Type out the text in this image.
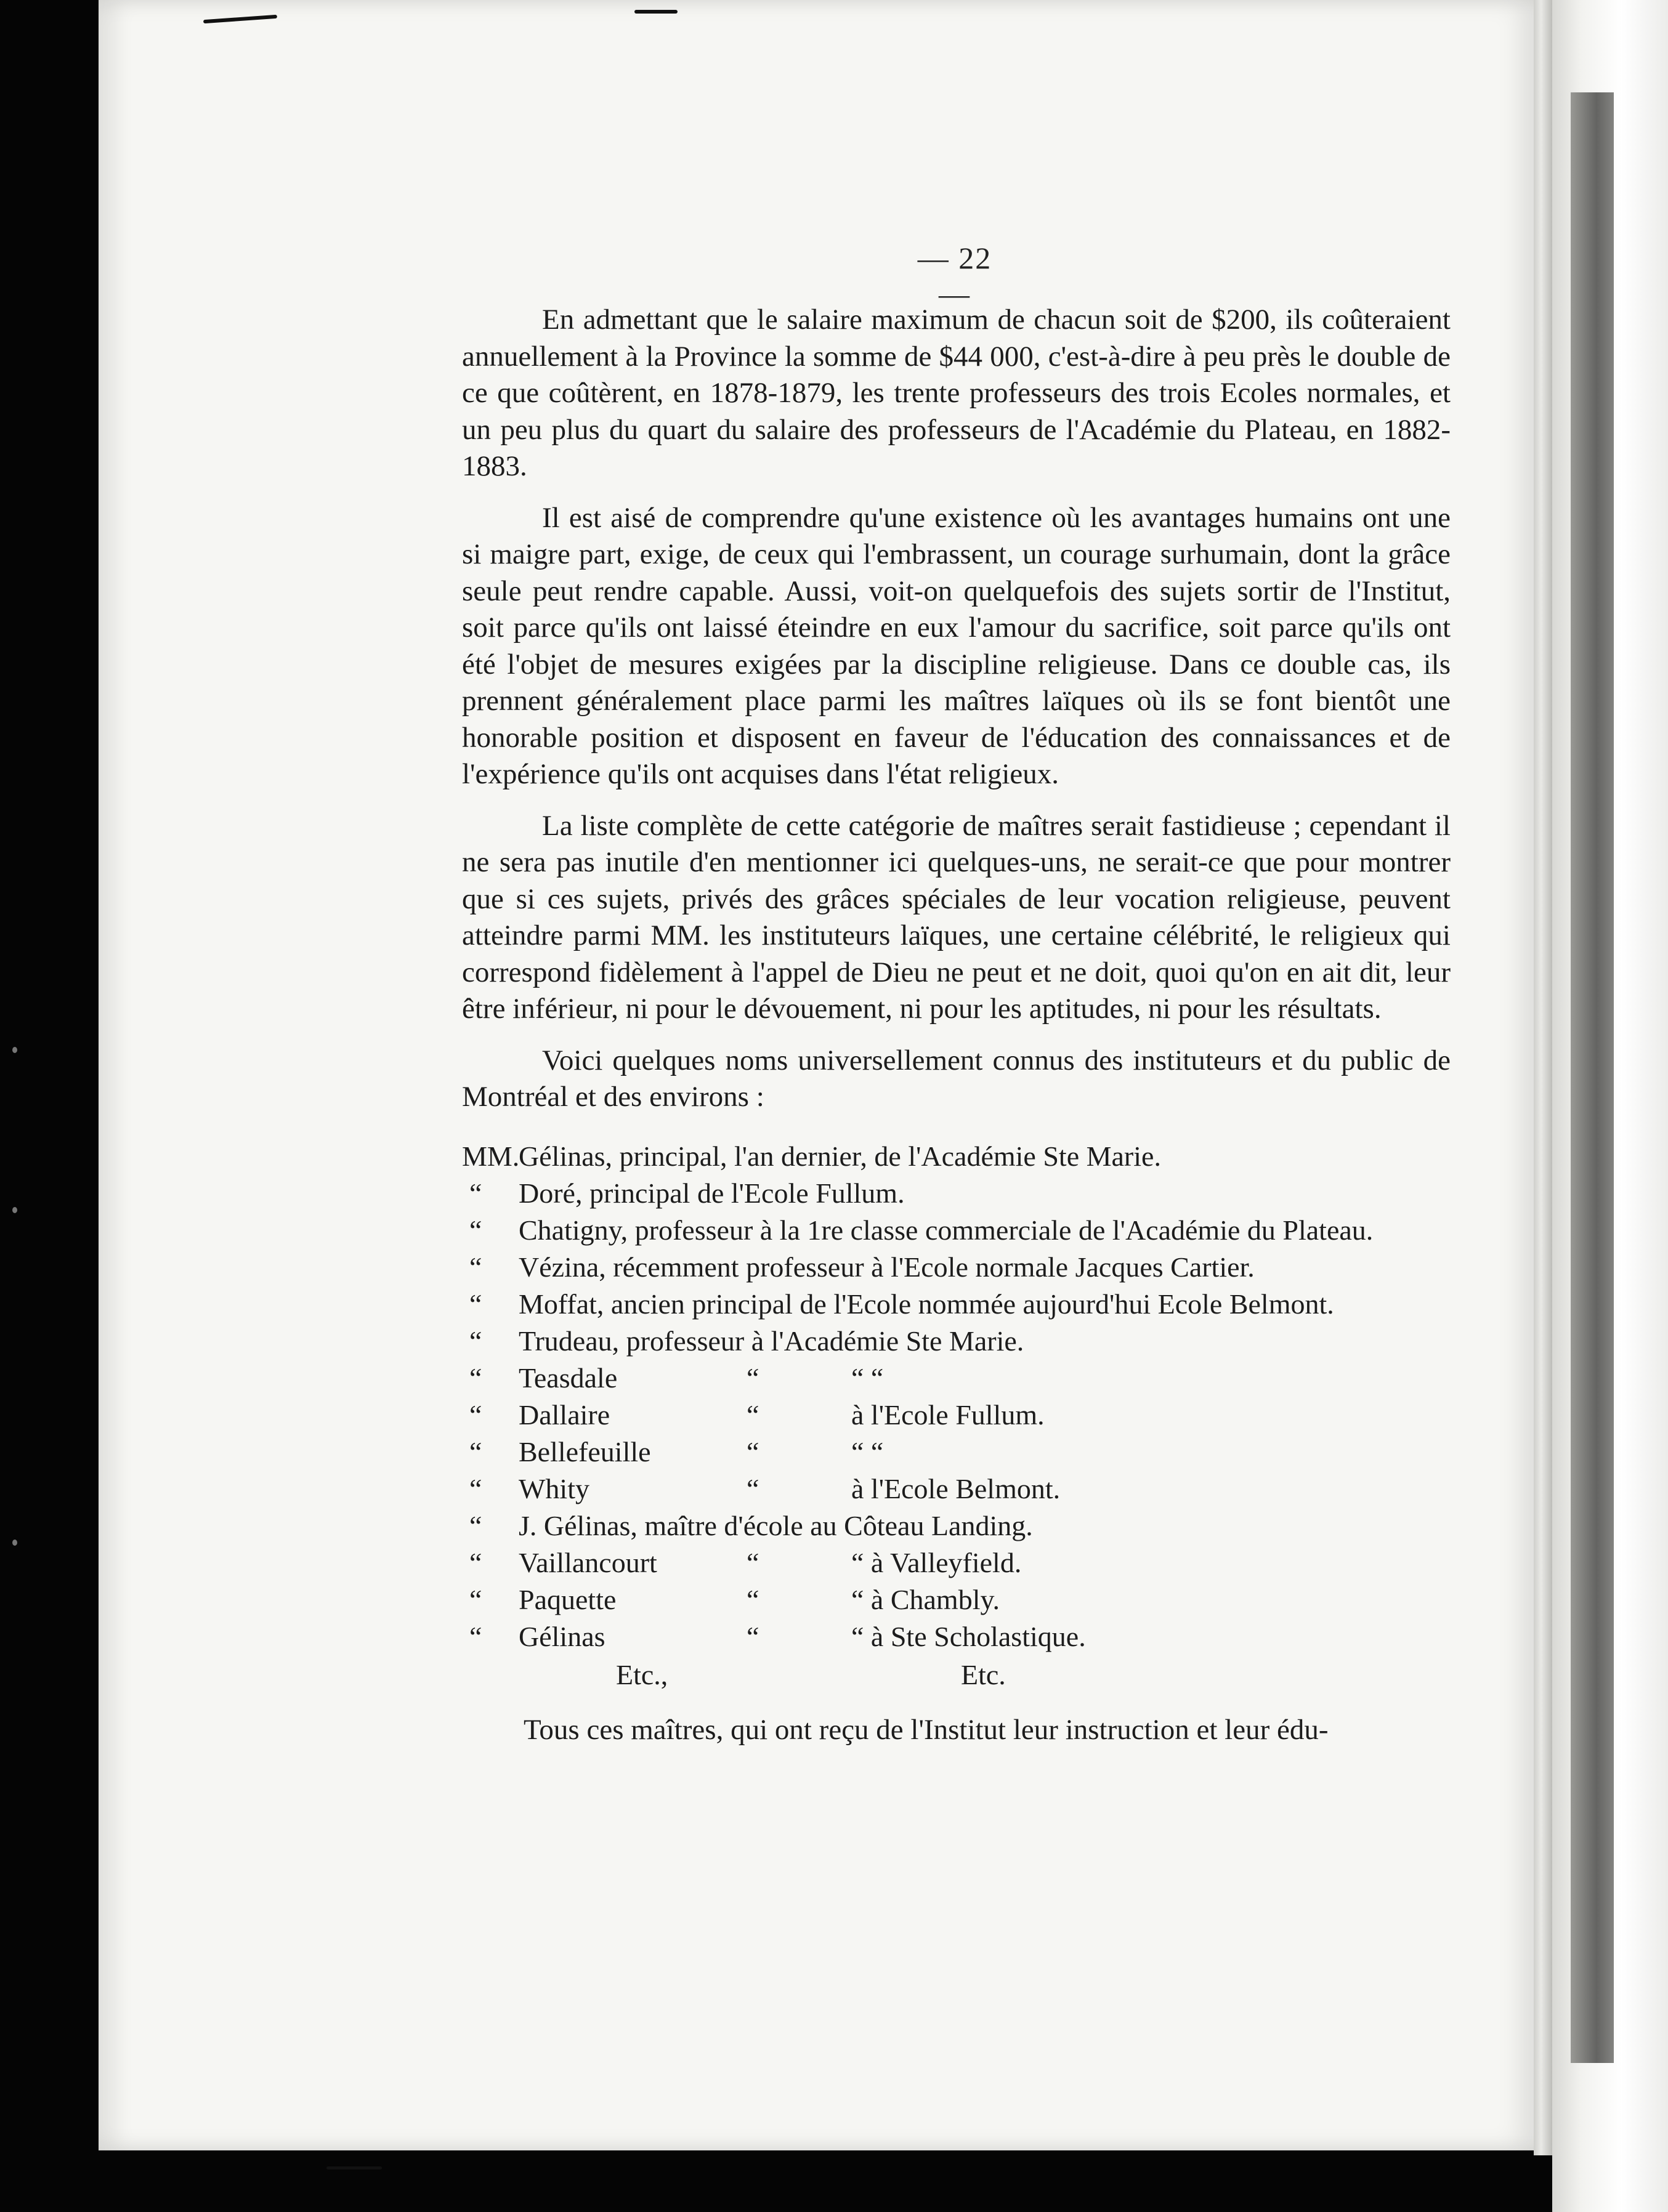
— 22 —

En admettant que le salaire maximum de chacun soit de $200, ils coûteraient annuellement à la Province la somme de $44 000, c'est-à-dire à peu près le double de ce que coûtèrent, en 1878-1879, les trente professeurs des trois Ecoles normales, et un peu plus du quart du salaire des professeurs de l'Académie du Plateau, en 1882-1883.

Il est aisé de comprendre qu'une existence où les avantages humains ont une si maigre part, exige, de ceux qui l'embrassent, un courage surhumain, dont la grâce seule peut rendre capable. Aussi, voit-on quelquefois des sujets sortir de l'Institut, soit parce qu'ils ont laissé éteindre en eux l'amour du sacrifice, soit parce qu'ils ont été l'objet de mesures exigées par la discipline religieuse. Dans ce double cas, ils prennent généralement place parmi les maîtres laïques où ils se font bientôt une honorable position et disposent en faveur de l'éducation des connaissances et de l'expérience qu'ils ont acquises dans l'état religieux.

La liste complète de cette catégorie de maîtres serait fastidieuse ; cependant il ne sera pas inutile d'en mentionner ici quelques-uns, ne serait-ce que pour montrer que si ces sujets, privés des grâces spéciales de leur vocation religieuse, peuvent atteindre parmi MM. les instituteurs laïques, une certaine célébrité, le religieux qui correspond fidèlement à l'appel de Dieu ne peut et ne doit, quoi qu'on en ait dit, leur être inférieur, ni pour le dévouement, ni pour les aptitudes, ni pour les résultats.

Voici quelques noms universellement connus des instituteurs et du public de Montréal et des environs :

MM.
Gélinas, principal, l'an dernier, de l'Académie Ste Marie.
“	Doré, principal de l'Ecole Fullum.
“	Chatigny, professeur à la 1re classe commerciale de l'Académie du Plateau.
“	Vézina, récemment professeur à l'Ecole normale Jacques Cartier.
“	Moffat, ancien principal de l'Ecole nommée aujourd'hui Ecole Belmont.
“	Trudeau, professeur à l'Académie Ste Marie.
“	Teasdale	“	“ “
“	Dallaire	“	à l'Ecole Fullum.
“	Bellefeuille	“	“ “
“	Whity	“	à l'Ecole Belmont.
“	J. Gélinas, maître d'école au Côteau Landing.
“	Vaillancourt	“	“ à Valleyfield.
“	Paquette	“	“ à Chambly.
“	Gélinas	“	“ à Ste Scholastique.
Etc.,	Etc.

Tous ces maîtres, qui ont reçu de l'Institut leur instruction et leur édu-
